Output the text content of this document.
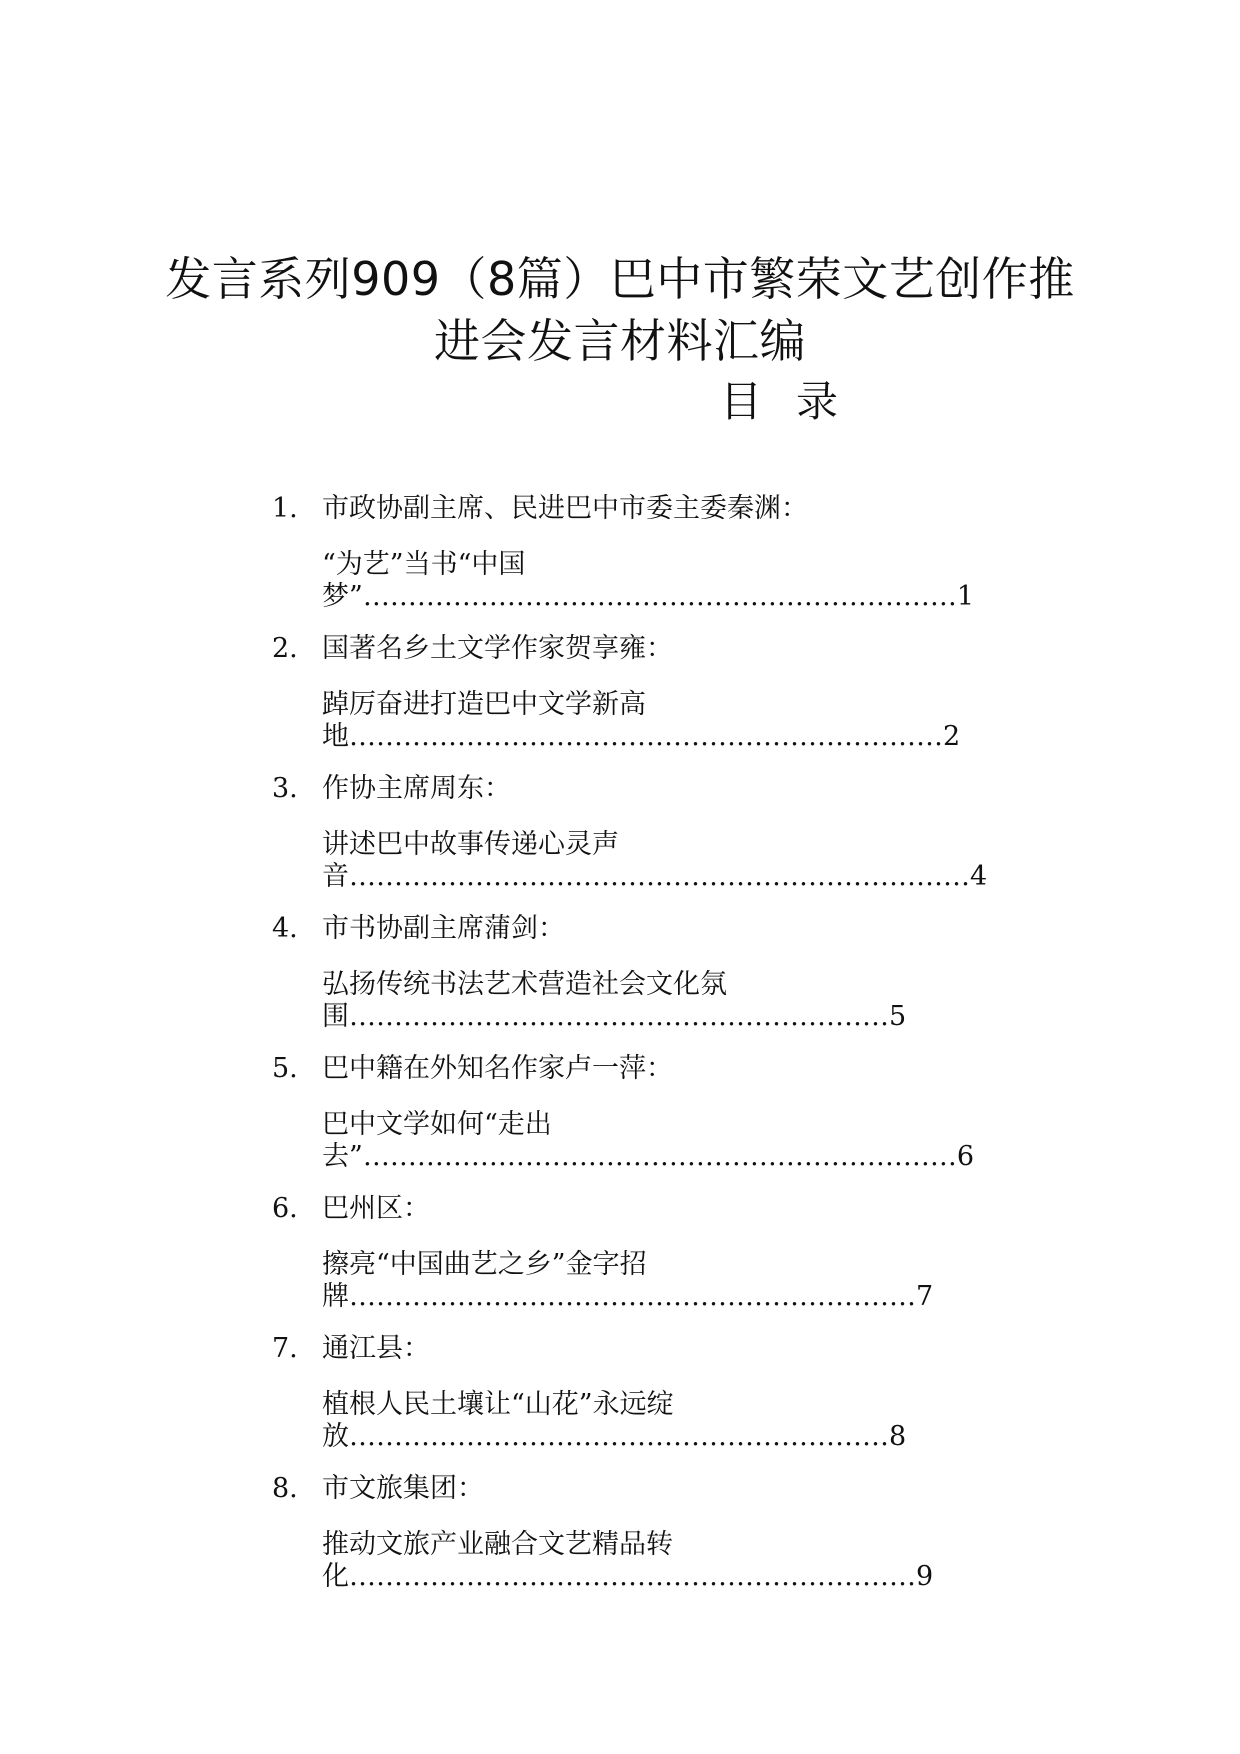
发言系列909（8篇）巴中市繁荣文艺创作推
进会发言材料汇编
目录
1. 市政协副主席、民进巴中市委主委秦渊：
“为艺”当书“中国
梦”…………………………………………………………1
2. 国著名乡土文学作家贺享雍：
踔厉奋进打造巴中文学新高
地…………………………………………………………2
3. 作协主席周东：
讲述巴中故事传递心灵声
音……………………………………………………………4
4. 市书协副主席蒲剑：
弘扬传统书法艺术营造社会文化氛
围……………………………………………………5
5. 巴中籍在外知名作家卢一萍：
巴中文学如何“走出
去”…………………………………………………………6
6. 巴州区：
擦亮“中国曲艺之乡”金字招
牌………………………………………………………7
7. 通江县：
植根人民土壤让“山花”永远绽
放……………………………………………………8
8. 市文旅集团：
推动文旅产业融合文艺精品转
化………………………………………………………9
